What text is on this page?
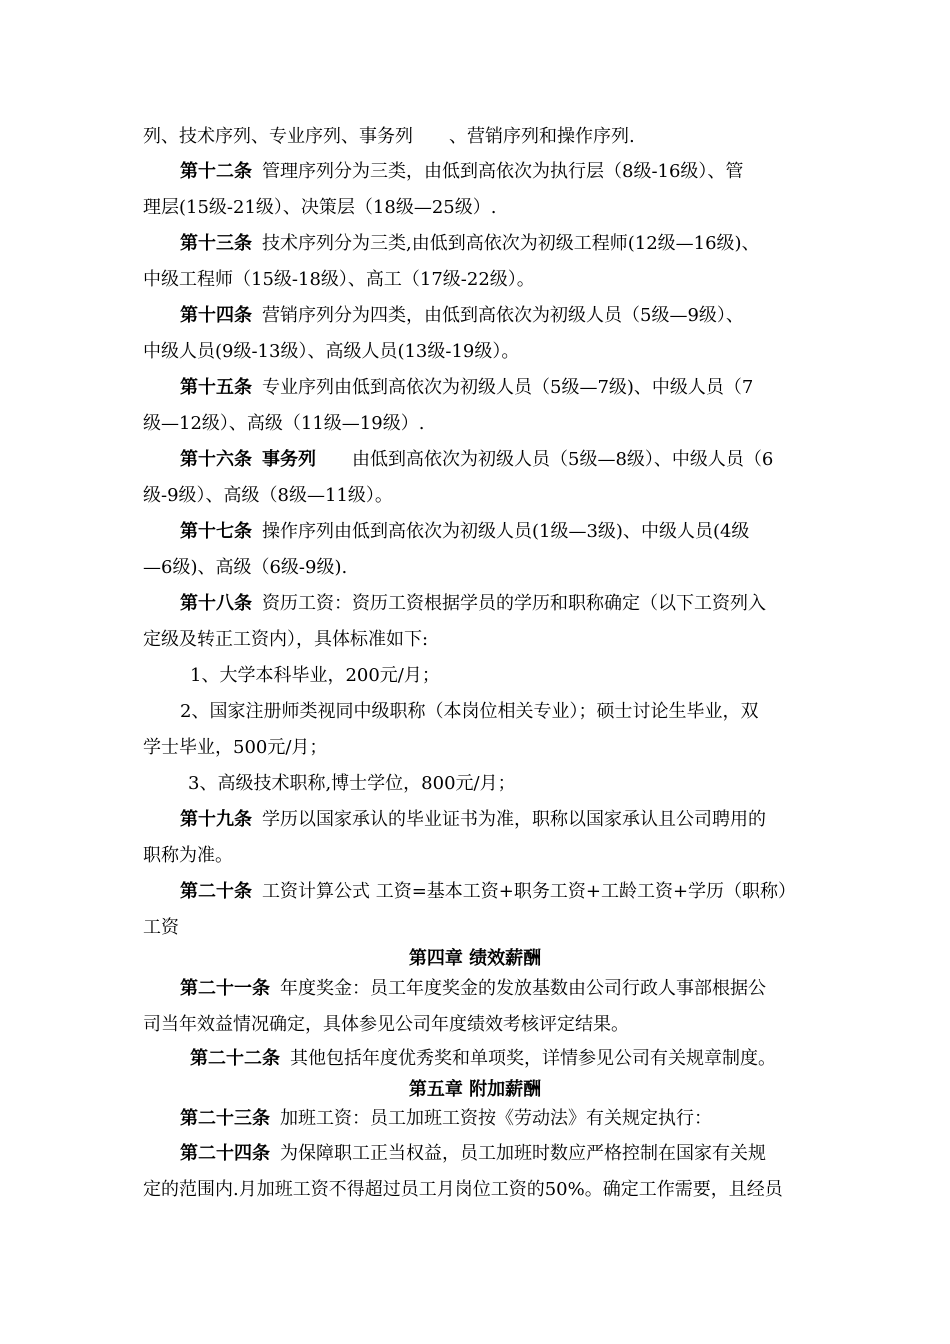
列、技术序列、专业序列、事务列 、营销序列和操作序列.
第十二条 管理序列分为三类，由低到高依次为执行层（8级-16级）、管
理层(15级-21级）、决策层（18级—25级）.
第十三条 技术序列分为三类,由低到高依次为初级工程师(12级—16级)、
中级工程师（15级-18级）、高工（17级-22级）。
第十四条 营销序列分为四类，由低到高依次为初级人员（5级—9级）、
中级人员(9级-13级）、高级人员(13级-19级）。
第十五条 专业序列由低到高依次为初级人员（5级—7级)、中级人员（7
级—12级）、高级（11级—19级）.
第十六条 事务列 由低到高依次为初级人员（5级—8级）、中级人员（6
级-9级）、高级（8级—11级）。
第十七条 操作序列由低到高依次为初级人员(1级—3级)、中级人员(4级
—6级)、高级（6级-9级).
第十八条 资历工资：资历工资根据学员的学历和职称确定（以下工资列入
定级及转正工资内），具体标准如下:
1、大学本科毕业，200元/月；
2、国家注册师类视同中级职称（本岗位相关专业）；硕士讨论生毕业，双
学士毕业，500元/月；
3、高级技术职称,博士学位，800元/月；
第十九条 学历以国家承认的毕业证书为准，职称以国家承认且公司聘用的
职称为准。
第二十条 工资计算公式 工资=基本工资+职务工资+工龄工资+学历（职称）
工资
第四章 绩效薪酬
第二十一条 年度奖金：员工年度奖金的发放基数由公司行政人事部根据公
司当年效益情况确定，具体参见公司年度绩效考核评定结果。
第二十二条 其他包括年度优秀奖和单项奖，详情参见公司有关规章制度。
第五章 附加薪酬
第二十三条 加班工资：员工加班工资按《劳动法》有关规定执行：
第二十四条 为保障职工正当权益，员工加班时数应严格控制在国家有关规
定的范围内.月加班工资不得超过员工月岗位工资的50%。确定工作需要，且经员
